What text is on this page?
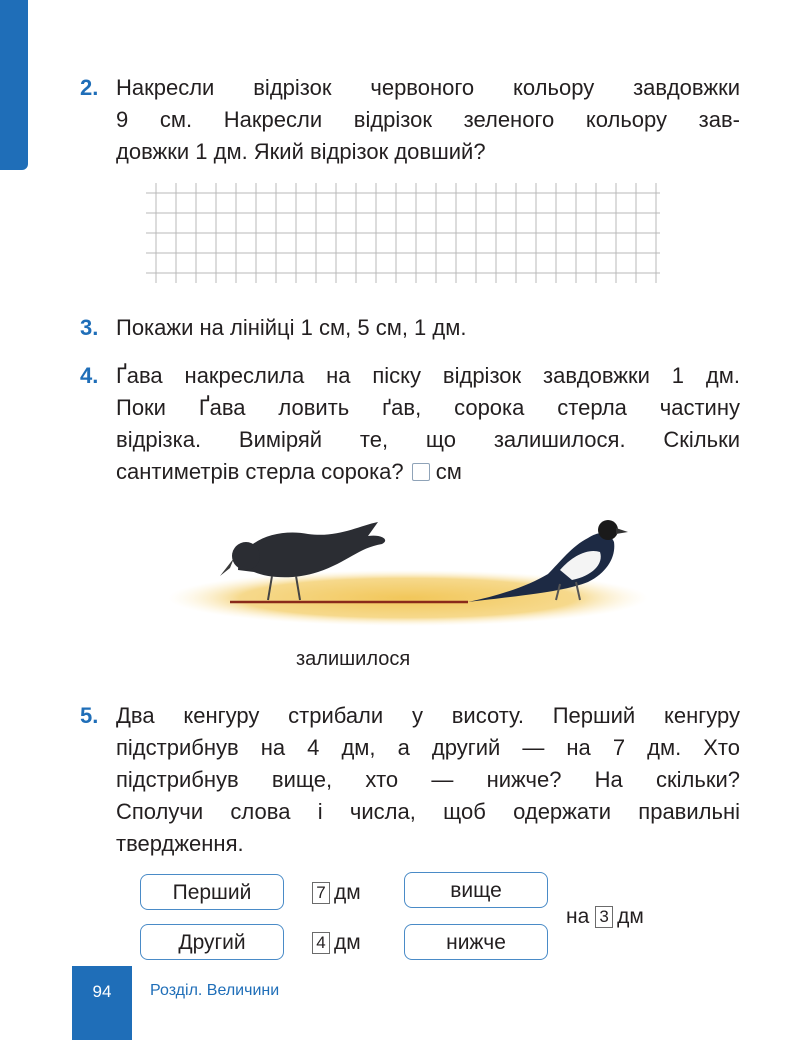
2. Накресли відрізок червоного кольору завдовжки
9 см. Накресли відрізок зеленого кольору зав-
довжки 1 дм. Який відрізок довший?
3. Покажи на лінійці 1 см, 5 см, 1 дм.
4. Ґава накреслила на піску відрізок завдовжки 1 дм.
Поки Ґава ловить ґав, сорока стерла частину
відрізка. Виміряй те, що залишилося. Скільки
сантиметрів стерла сорока? см
залишилося
5. Два кенгуру стрибали у висоту. Перший кенгуру
підстрибнув на 4 дм, а другий — на 7 дм. Хто
підстрибнув вище, хто — нижче? На скільки?
Сполучи слова і числа, щоб одержати правильні
твердження.
Перший
Другий
7 дм
4 дм
вище
нижче
на 3 дм
94	Розділ. Величини
